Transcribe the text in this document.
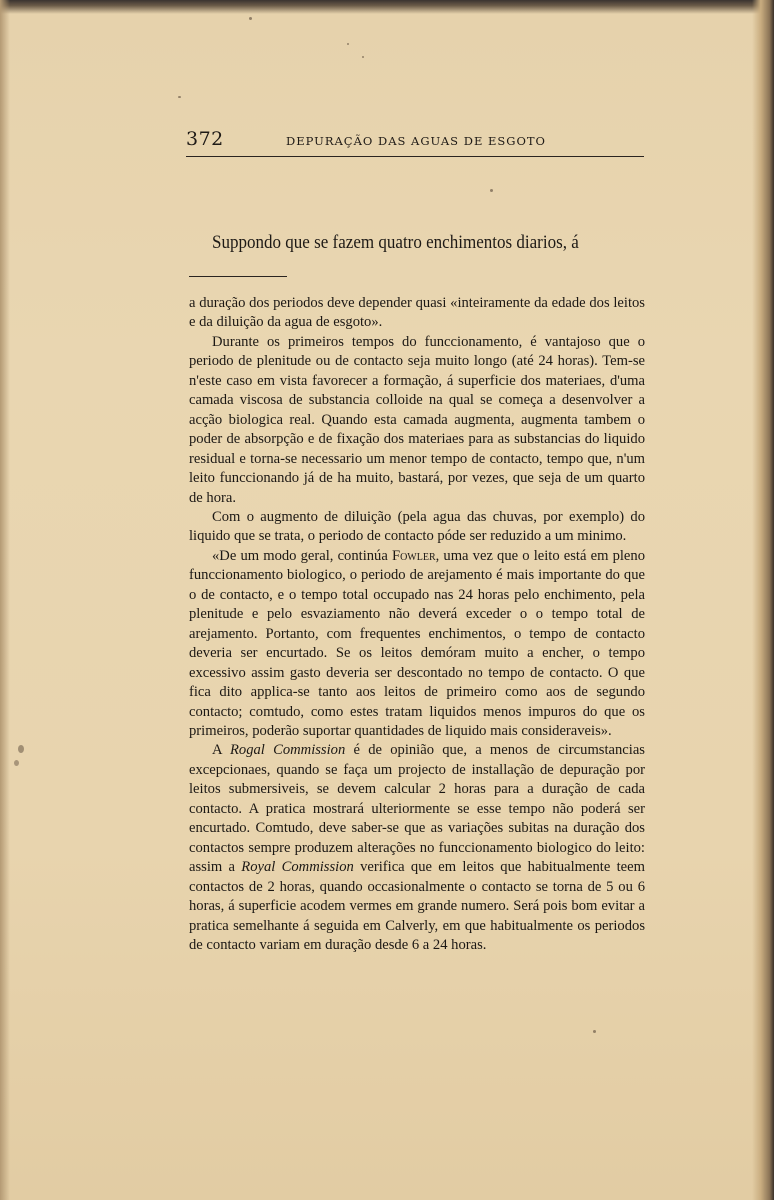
372	DEPURAÇÃO DAS AGUAS DE ESGOTO
Suppondo que se fazem quatro enchimentos diarios, á

a duração dos periodos deve depender quasi «inteiramente da edade dos leitos e da diluição da agua de esgoto».

Durante os primeiros tempos do funccionamento, é vantajoso que o periodo de plenitude ou de contacto seja muito longo (até 24 horas). Tem-se n'este caso em vista favorecer a formação, á superficie dos materiaes, d'uma camada viscosa de substancia colloide na qual se começa a desenvolver a acção biologica real. Quando esta camada augmenta, augmenta tambem o poder de absorpção e de fixação dos materiaes para as substancias do liquido residual e torna-se necessario um menor tempo de contacto, tempo que, n'um leito funccionando já de ha muito, bastará, por vezes, que seja de um quarto de hora.

Com o augmento de diluição (pela agua das chuvas, por exemplo) do liquido que se trata, o periodo de contacto póde ser reduzido a um minimo.

«De um modo geral, continúa Fowler, uma vez que o leito está em pleno funccionamento biologico, o periodo de arejamento é mais importante do que o de contacto, e o tempo total occupado nas 24 horas pelo enchimento, pela plenitude e pelo esvaziamento não deverá exceder o o tempo total de arejamento. Portanto, com frequentes enchimentos, o tempo de contacto deveria ser encurtado. Se os leitos demóram muito a encher, o tempo excessivo assim gasto deveria ser descontado no tempo de contacto. O que fica dito applica-se tanto aos leitos de primeiro como aos de segundo contacto; comtudo, como estes tratam liquidos menos impuros do que os primeiros, poderão suportar quantidades de liquido mais consideraveis».

A Rogal Commission é de opinião que, a menos de circumstancias excepcionaes, quando se faça um projecto de installação de depuração por leitos submersiveis, se devem calcular 2 horas para a duração de cada contacto. A pratica mostrará ulteriormente se esse tempo não poderá ser encurtado. Comtudo, deve saber-se que as variações subitas na duração dos contactos sempre produzem alterações no funccionamento biologico do leito: assim a Royal Commission verifica que em leitos que habitualmente teem contactos de 2 horas, quando occasionalmente o contacto se torna de 5 ou 6 horas, á superficie acodem vermes em grande numero. Será pois bom evitar a pratica semelhante á seguida em Calverly, em que habitualmente os periodos de contacto variam em duração desde 6 a 24 horas.
